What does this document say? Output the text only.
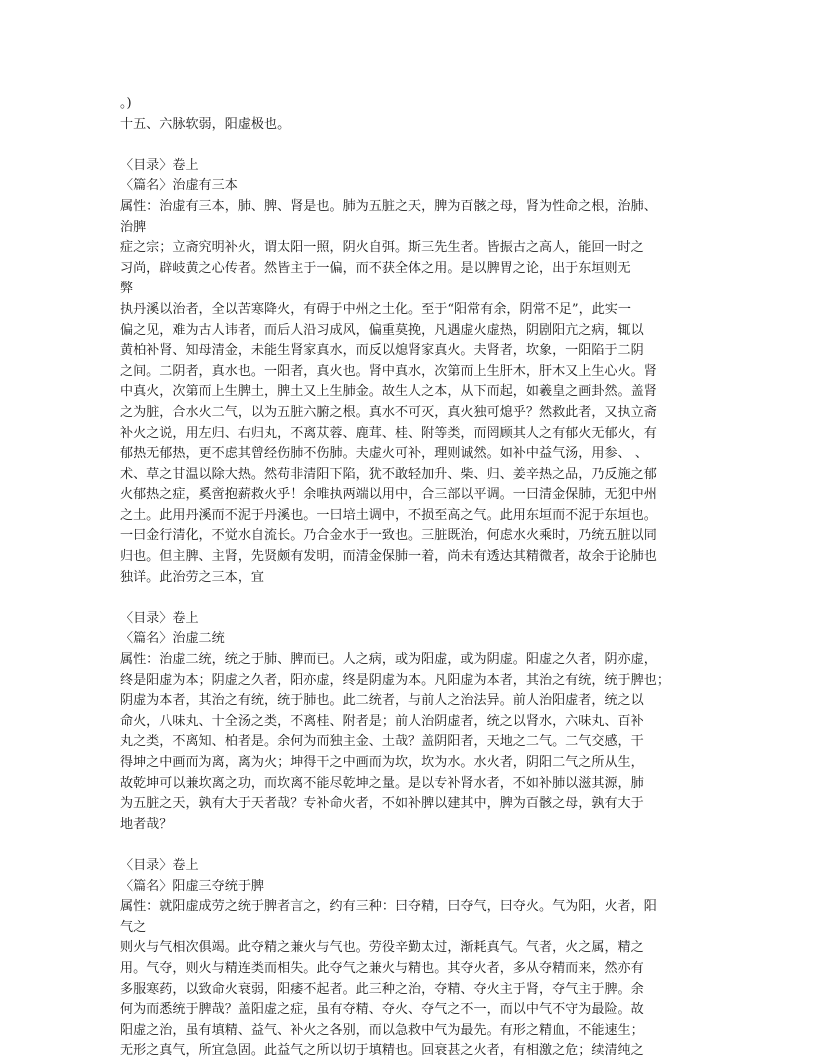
。)
十五、六脉软弱，阳虚极也。
〈目录〉卷上
〈篇名〉治虚有三本
属性：治虚有三本，肺、脾、肾是也。肺为五脏之天，脾为百骸之母，肾为性命之根，治肺、
治脾
症之宗；立斋究明补火，谓太阳一照，阴火自弭。斯三先生者。皆振古之高人，能回一时之
习尚，辟岐黄之心传者。然皆主于一偏，而不获全体之用。是以脾胃之论，出于东垣则无
弊
执丹溪以治者，全以苦寒降火，有碍于中州之土化。至于“阳常有余，阴常不足”，此实一
偏之见，难为古人讳者，而后人沿习成风，偏重莫挽，凡遇虚火虚热，阴剧阳亢之病，辄以
黄柏补肾、知母清金，未能生肾家真水，而反以熄肾家真火。夫肾者，坎象，一阳陷于二阴
之间。二阴者，真水也。一阳者，真火也。肾中真水，次第而上生肝木，肝木又上生心火。肾
中真火，次第而上生脾土，脾土又上生肺金。故生人之本，从下而起，如羲皇之画卦然。盖肾
之为脏，合水火二气，以为五脏六腑之根。真水不可灭，真火独可熄乎？然救此者，又执立斋
补火之说，用左归、右归丸，不离苁蓉、鹿茸、桂、附等类，而罔顾其人之有郁火无郁火，有
郁热无郁热，更不虑其曾经伤肺不伤肺。夫虚火可补，理则诚然。如补中益气汤，用参、 、
术、草之甘温以除大热。然苟非清阳下陷，犹不敢轻加升、柴、归、姜辛热之品，乃反施之郁
火郁热之症，奚啻抱薪救火乎！余唯执两端以用中，合三部以平调。一曰清金保肺，无犯中州
之土。此用丹溪而不泥于丹溪也。一曰培土调中，不损至高之气。此用东垣而不泥于东垣也。
一曰金行清化，不觉水自流长。乃合金水于一致也。三脏既治，何虑水火乘时，乃统五脏以同
归也。但主脾、主肾，先贤颇有发明，而清金保肺一着，尚未有透达其精微者，故余于论肺也
独详。此治劳之三本，宜
〈目录〉卷上
〈篇名〉治虚二统
属性：治虚二统，统之于肺、脾而已。人之病，或为阳虚，或为阴虚。阳虚之久者，阴亦虚，
终是阳虚为本；阴虚之久者，阳亦虚，终是阴虚为本。凡阳虚为本者，其治之有统，统于脾也；
阴虚为本者，其治之有统，统于肺也。此二统者，与前人之治法异。前人治阳虚者，统之以
命火，八味丸、十全汤之类，不离桂、附者是；前人治阴虚者，统之以肾水，六味丸、百补
丸之类，不离知、柏者是。余何为而独主金、土哉？盖阴阳者，天地之二气。二气交感，干
得坤之中画而为离，离为火；坤得干之中画而为坎，坎为水。水火者，阴阳二气之所从生，
故乾坤可以兼坎离之功，而坎离不能尽乾坤之量。是以专补肾水者，不如补肺以滋其源，肺
为五脏之天，孰有大于天者哉？专补命火者，不如补脾以建其中，脾为百骸之母，孰有大于
地者哉？
〈目录〉卷上
〈篇名〉阳虚三夺统于脾
属性：就阳虚成劳之统于脾者言之，约有三种：曰夺精，曰夺气，曰夺火。气为阳，火者，阳
气之
则火与气相次俱竭。此夺精之兼火与气也。劳役辛勤太过，渐耗真气。气者，火之属，精之
用。气夺，则火与精连类而相失。此夺气之兼火与精也。其夺火者，多从夺精而来，然亦有
多服寒药，以致命火衰弱，阳痿不起者。此三种之治，夺精、夺火主于肾，夺气主于脾。余
何为而悉统于脾哉？盖阳虚之症，虽有夺精、夺火、夺气之不一，而以中气不守为最险。故
阳虚之治，虽有填精、益气、补火之各别，而以急救中气为最先。有形之精血，不能速生；
无形之真气，所宜急固。此益气之所以切于填精也。回衰甚之火者，有相激之危；续清纯之
